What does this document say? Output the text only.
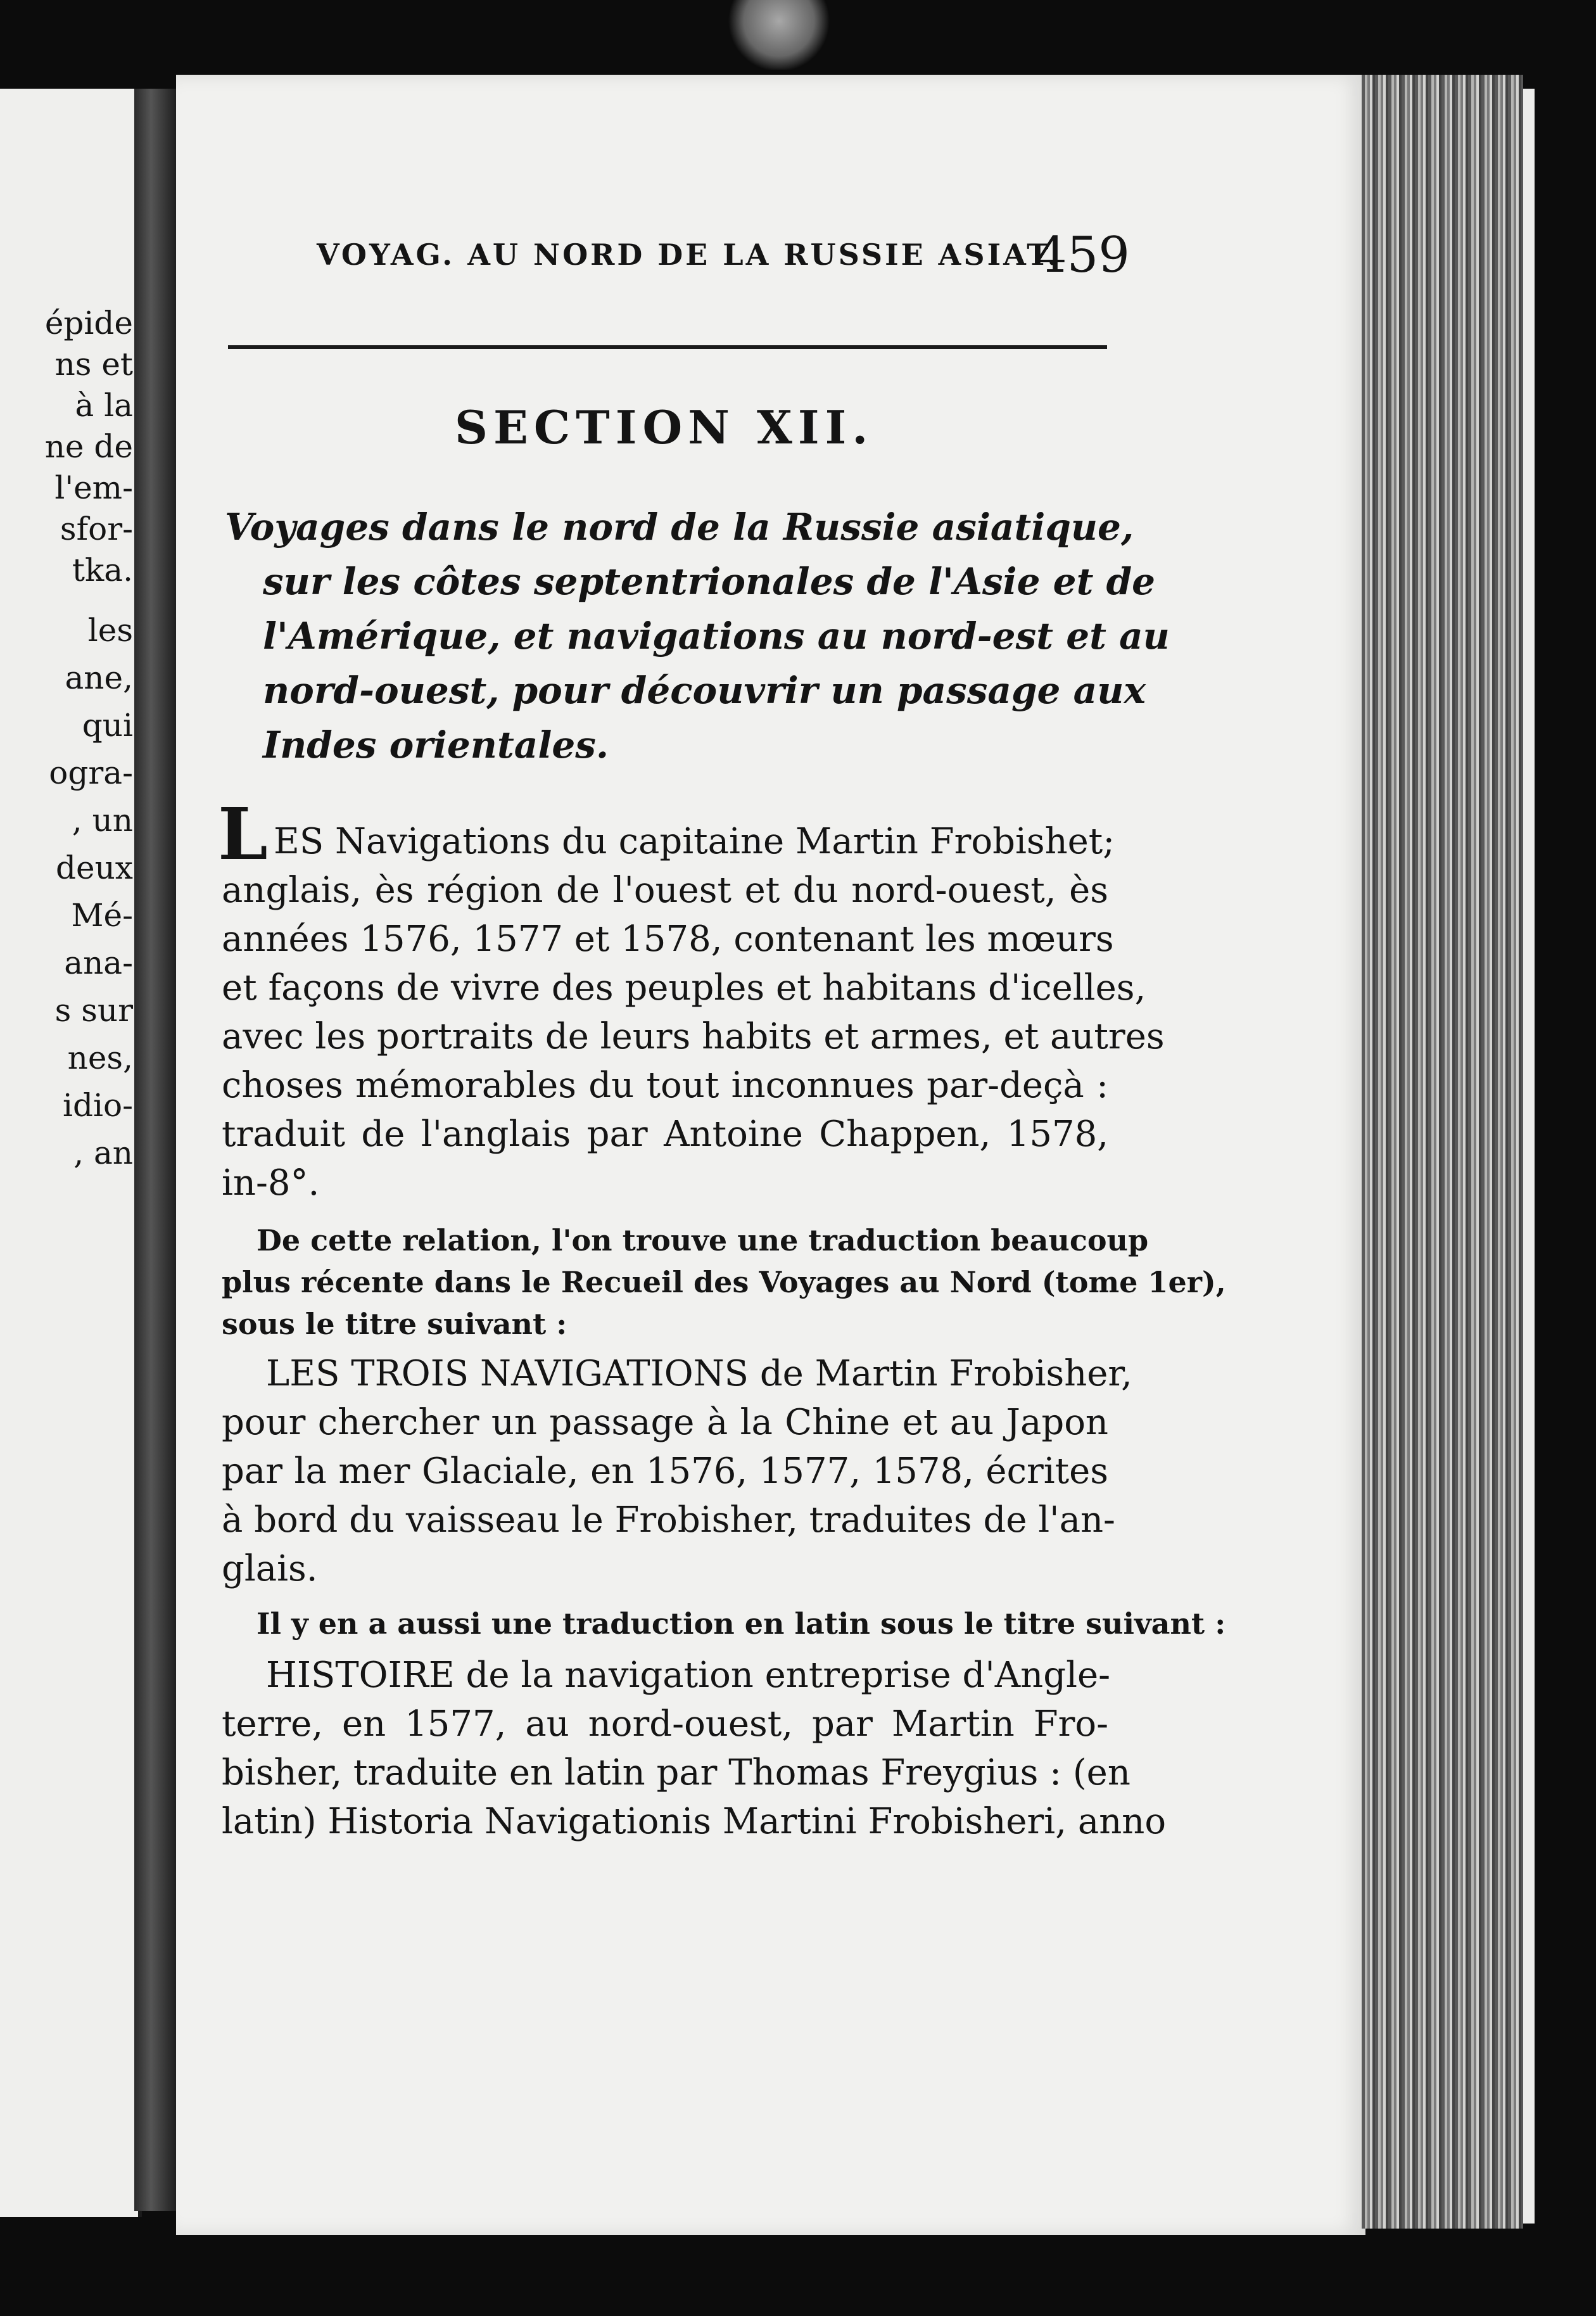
épide
ns et
à la
ne de
l'em-
sfor-
tka.
les
ane,
qui
ogra-
, un
deux
Mé-
ana-
s sur
nes,
idio-
, an
VOYAG. AU NORD DE LA RUSSIE ASIAT.
459
SECTION XII.
Voyages dans le nord de la Russie asiatique,
sur les côtes septentrionales de l'Asie et de
l'Amérique, et navigations au nord-est et au
nord-ouest, pour découvrir un passage aux
Indes orientales.
L ES Navigations du capitaine Martin Frobishet;
anglais, ès région de l'ouest et du nord-ouest, ès
années 1576, 1577 et 1578, contenant les mœurs
et façons de vivre des peuples et habitans d'icelles,
avec les portraits de leurs habits et armes, et autres
choses mémorables du tout inconnues par-deçà :
traduit de l'anglais par Antoine Chappen, 1578,
in-8°.
De cette relation, l'on trouve une traduction beaucoup
plus récente dans le Recueil des Voyages au Nord (tome 1er),
sous le titre suivant :
LES TROIS NAVIGATIONS de Martin Frobisher,
pour chercher un passage à la Chine et au Japon
par la mer Glaciale, en 1576, 1577, 1578, écrites
à bord du vaisseau le Frobisher, traduites de l'an-
glais.
Il y en a aussi une traduction en latin sous le titre suivant :
HISTOIRE de la navigation entreprise d'Angle-
terre, en 1577, au nord-ouest, par Martin Fro-
bisher, traduite en latin par Thomas Freygius : (en
latin) Historia Navigationis Martini Frobisheri, anno
